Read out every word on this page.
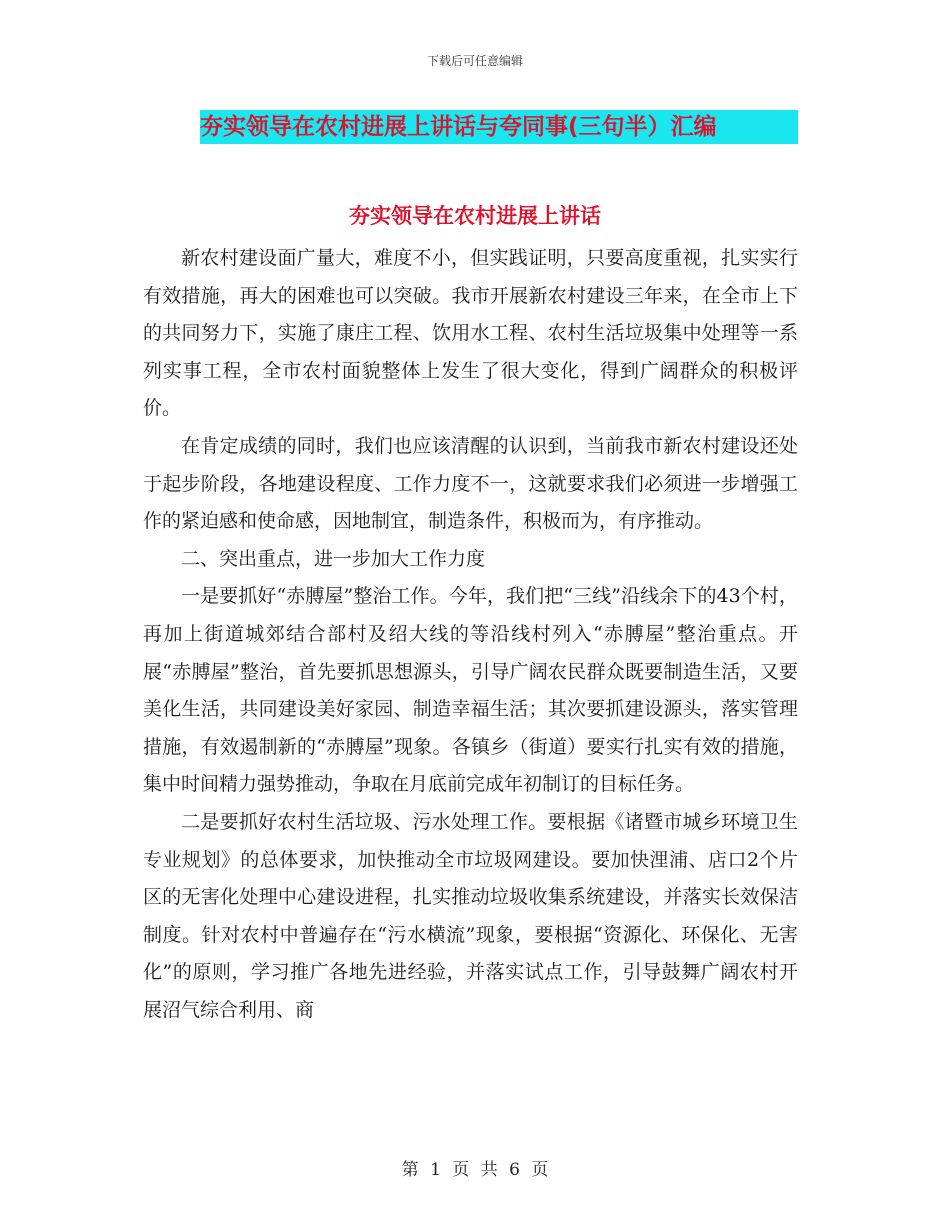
下载后可任意编辑
夯实领导在农村进展上讲话与夸同事(三句半）汇编
夯实领导在农村进展上讲话

新农村建设面广量大，难度不小，但实践证明，只要高度重视，扎实实行有效措施，再大的困难也可以突破。我市开展新农村建设三年来，在全市上下的共同努力下，实施了康庄工程、饮用水工程、农村生活垃圾集中处理等一系列实事工程，全市农村面貌整体上发生了很大变化，得到广阔群众的积极评价。

在肯定成绩的同时，我们也应该清醒的认识到，当前我市新农村建设还处于起步阶段，各地建设程度、工作力度不一，这就要求我们必须进一步增强工作的紧迫感和使命感，因地制宜，制造条件，积极而为，有序推动。

二、突出重点，进一步加大工作力度

一是要抓好“赤膊屋”整治工作。今年，我们把“三线”沿线余下的43个村，再加上街道城郊结合部村及绍大线的等沿线村列入“赤膊屋”整治重点。开展“赤膊屋”整治，首先要抓思想源头，引导广阔农民群众既要制造生活，又要美化生活，共同建设美好家园、制造幸福生活；其次要抓建设源头，落实管理措施，有效遏制新的“赤膊屋”现象。各镇乡（街道）要实行扎实有效的措施，集中时间精力强势推动，争取在月底前完成年初制订的目标任务。

二是要抓好农村生活垃圾、污水处理工作。要根据《诸暨市城乡环境卫生专业规划》的总体要求，加快推动全市垃圾网建设。要加快浬浦、店口2个片区的无害化处理中心建设进程，扎实推动垃圾收集系统建设，并落实长效保洁制度。针对农村中普遍存在“污水横流”现象，要根据“资源化、环保化、无害化”的原则，学习推广各地先进经验，并落实试点工作，引导鼓舞广阔农村开展沼气综合利用、商

第 1 页 共 6 页
